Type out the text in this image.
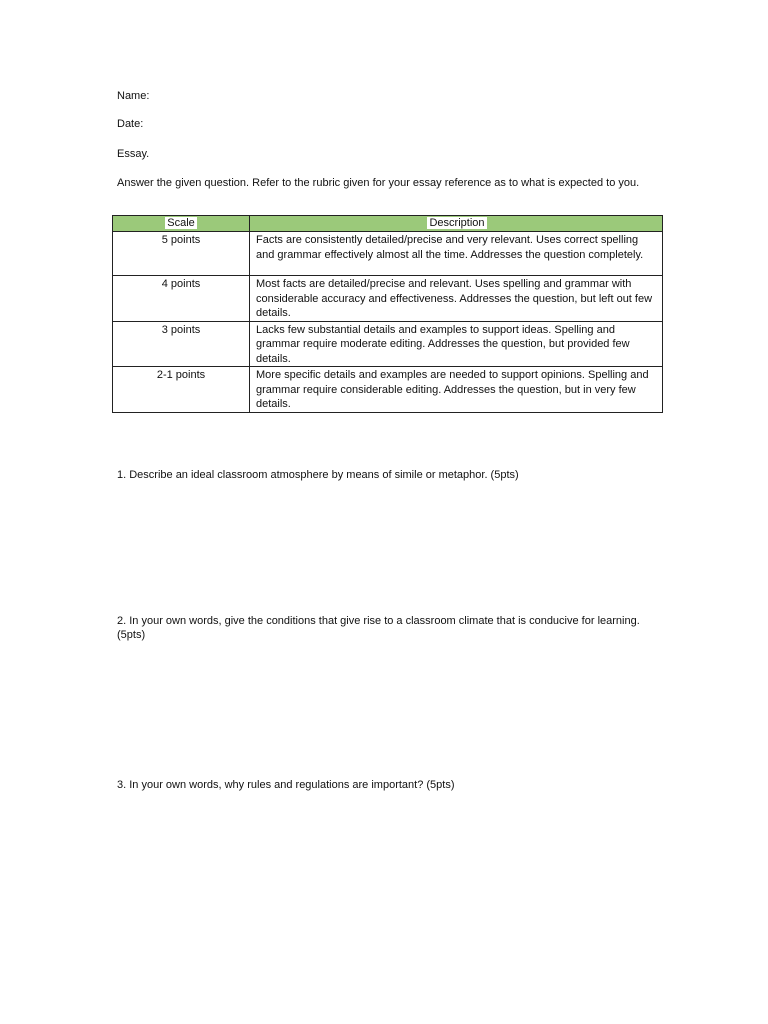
Name:
Date:
Essay.
Answer the given question. Refer to the rubric given for your essay reference as to what is expected to you.
Scale	Description
5 points	Facts are consistently detailed/precise and very relevant. Uses correct spelling and grammar effectively almost all the time. Addresses the question completely.
4 points	Most facts are detailed/precise and relevant. Uses spelling and grammar with considerable accuracy and effectiveness. Addresses the question, but left out few details.
3 points	Lacks few substantial details and examples to support ideas. Spelling and grammar require moderate editing. Addresses the question, but provided few details.
2-1 points	More specific details and examples are needed to support opinions. Spelling and grammar require considerable editing. Addresses the question, but in very few details.
1. Describe an ideal classroom atmosphere by means of simile or metaphor. (5pts)
2. In your own words, give the conditions that give rise to a classroom climate that is conducive for learning. (5pts)
3. In your own words, why rules and regulations are important? (5pts)
